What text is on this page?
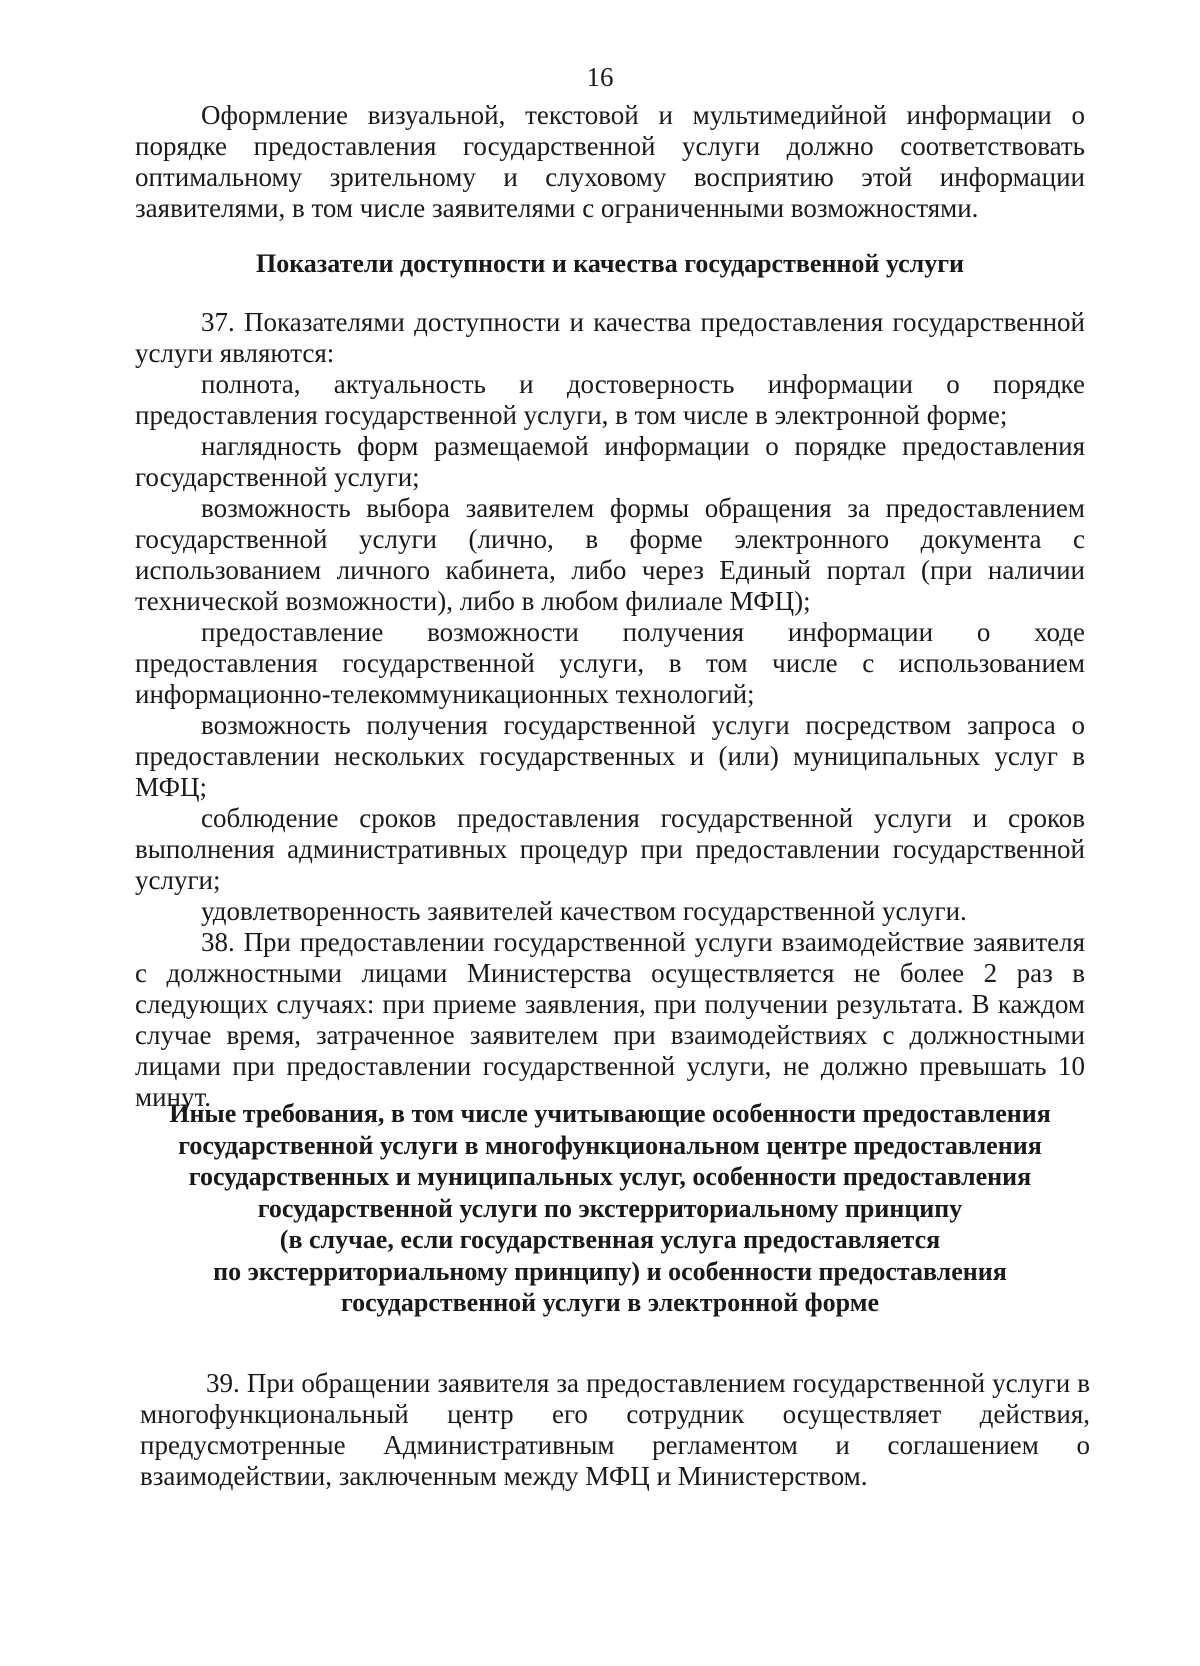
16

Оформление визуальной, текстовой и мультимедийной информации о порядке предоставления государственной услуги должно соответствовать оптимальному зрительному и слуховому восприятию этой информации заявителями, в том числе заявителями с ограниченными возможностями.

Показатели доступности и качества государственной услуги

37. Показателями доступности и качества предоставления государственной услуги являются:

полнота, актуальность и достоверность информации о порядке предоставления государственной услуги, в том числе в электронной форме;

наглядность форм размещаемой информации о порядке предоставления государственной услуги;

возможность выбора заявителем формы обращения за предоставлением государственной услуги (лично, в форме электронного документа с использованием личного кабинета, либо через Единый портал (при наличии технической возможности), либо в любом филиале МФЦ);

предоставление возможности получения информации о ходе предоставления государственной услуги, в том числе с использованием информационно-телекоммуникационных технологий;

возможность получения государственной услуги посредством запроса о предоставлении нескольких государственных и (или) муниципальных услуг в МФЦ;

соблюдение сроков предоставления государственной услуги и сроков выполнения административных процедур при предоставлении государственной услуги;

удовлетворенность заявителей качеством государственной услуги.

38. При предоставлении государственной услуги взаимодействие заявителя с должностными лицами Министерства осуществляется не более 2 раз в следующих случаях: при приеме заявления, при получении результата. В каждом случае время, затраченное заявителем при взаимодействиях с должностными лицами при предоставлении государственной услуги, не должно превышать 10 минут.

Иные требования, в том числе учитывающие особенности предоставления
государственной услуги в многофункциональном центре предоставления
государственных и муниципальных услуг, особенности предоставления
государственной услуги по экстерриториальному принципу
(в случае, если государственная услуга предоставляется
по экстерриториальному принципу) и особенности предоставления
государственной услуги в электронной форме

39. При обращении заявителя за предоставлением государственной услуги в многофункциональный центр его сотрудник осуществляет действия, предусмотренные Административным регламентом и соглашением о взаимодействии, заключенным между МФЦ и Министерством.
